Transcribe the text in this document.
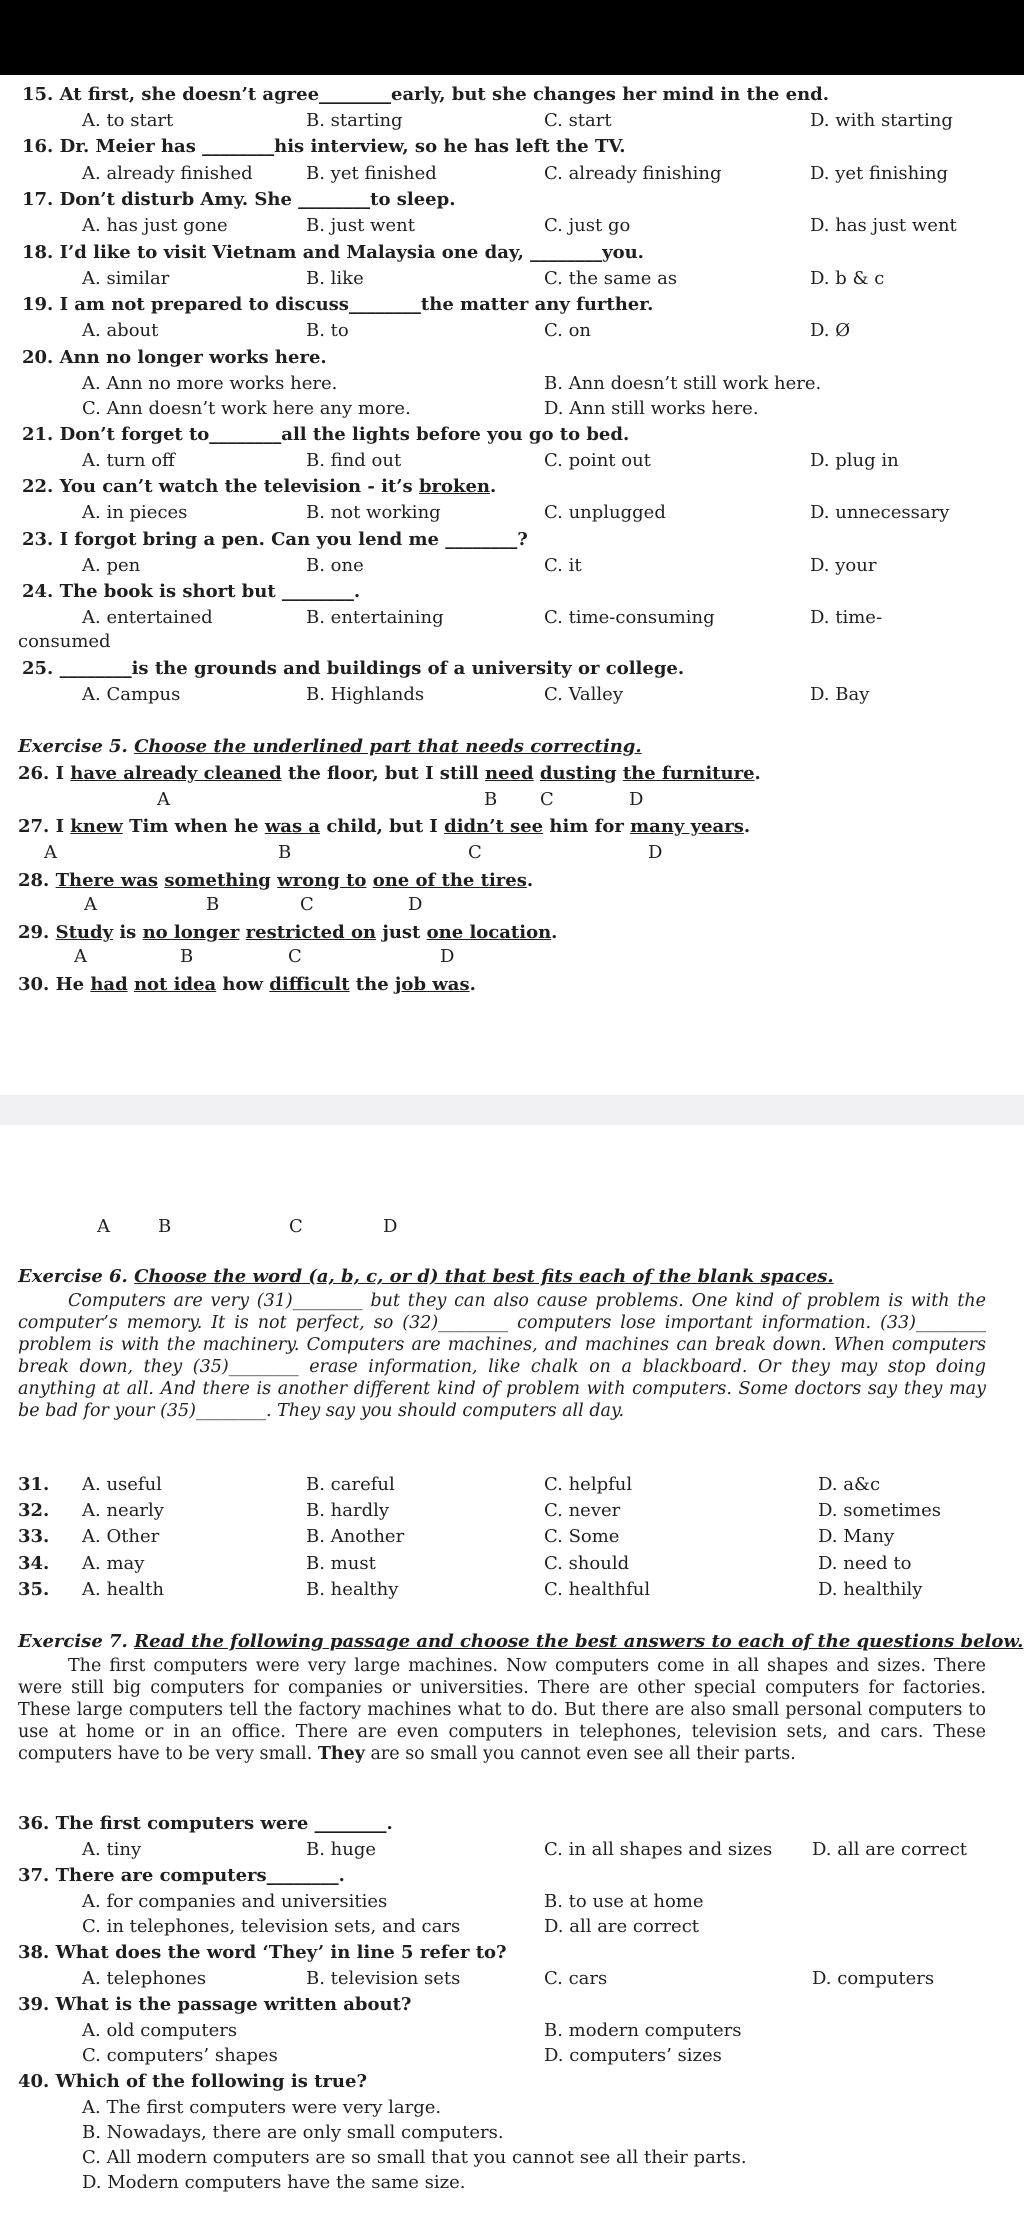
15. At first, she doesn’t agree________early, but she changes her mind in the end.
A. to start	B. starting	C. start	D. with starting
16. Dr. Meier has ________his interview, so he has left the TV.
A. already finished	B. yet finished	C. already finishing	D. yet finishing
17. Don’t disturb Amy. She ________to sleep.
A. has just gone	B. just went	C. just go	D. has just went
18. I’d like to visit Vietnam and Malaysia one day, ________you.
A. similar	B. like	C. the same as	D. b & c
19. I am not prepared to discuss________the matter any further.
A. about	B. to	C. on	D. Ø
20. Ann no longer works here.
A. Ann no more works here.	B. Ann doesn’t still work here.
C. Ann doesn’t work here any more.	D. Ann still works here.
21. Don’t forget to________all the lights before you go to bed.
A. turn off	B. find out	C. point out	D. plug in
22. You can’t watch the television - it’s broken.
A. in pieces	B. not working	C. unplugged	D. unnecessary
23. I forgot bring a pen. Can you lend me ________?
A. pen	B. one	C. it	D. your
24. The book is short but ________.
A. entertained	B. entertaining	C. time-consuming	D. time-
consumed
25. ________is the grounds and buildings of a university or college.
A. Campus	B. Highlands	C. Valley	D. Bay
Exercise 5. Choose the underlined part that needs correcting.
26. I have already cleaned the floor, but I still need dusting the furniture.
A	B C	D
27. I knew Tim when he was a child, but I didn’t see him for many years.
A	B	C	D
28. There was something wrong to one of the tires.
A	B	C	D
29. Study is no longer restricted on just one location.
A	B	C	D
30. He had not idea how difficult the job was.
A	B	C	D
Exercise 6. Choose the word (a, b, c, or d) that best fits each of the blank spaces.
Computers are very (31)________ but they can also cause problems. One kind of problem is with the computer’s memory. It is not perfect, so (32)________ computers lose important information. (33)________ problem is with the machinery. Computers are machines, and machines can break down. When computers break down, they (35)________ erase information, like chalk on a blackboard. Or they may stop doing anything at all. And there is another different kind of problem with computers. Some doctors say they may be bad for your (35)________. They say you should computers all day.
31. A. useful	B. careful	C. helpful	D. a&c
32. A. nearly	B. hardly	C. never	D. sometimes
33. A. Other	B. Another	C. Some	D. Many
34. A. may	B. must	C. should	D. need to
35. A. health	B. healthy	C. healthful	D. healthily
Exercise 7. Read the following passage and choose the best answers to each of the questions below.
The first computers were very large machines. Now computers come in all shapes and sizes. There were still big computers for companies or universities. There are other special computers for factories. These large computers tell the factory machines what to do. But there are also small personal computers to use at home or in an office. There are even computers in telephones, television sets, and cars. These computers have to be very small. They are so small you cannot even see all their parts.
36. The first computers were ________.
A. tiny	B. huge	C. in all shapes and sizes D. all are correct
37. There are computers________.
A. for companies and universities	B. to use at home
C. in telephones, television sets, and cars	D. all are correct
38. What does the word ‘They’ in line 5 refer to?
A. telephones	B. television sets	C. cars	D. computers
39. What is the passage written about?
A. old computers	B. modern computers
C. computers’ shapes	D. computers’ sizes
40. Which of the following is true?
A. The first computers were very large.
B. Nowadays, there are only small computers.
C. All modern computers are so small that you cannot see all their parts.
D. Modern computers have the same size.
